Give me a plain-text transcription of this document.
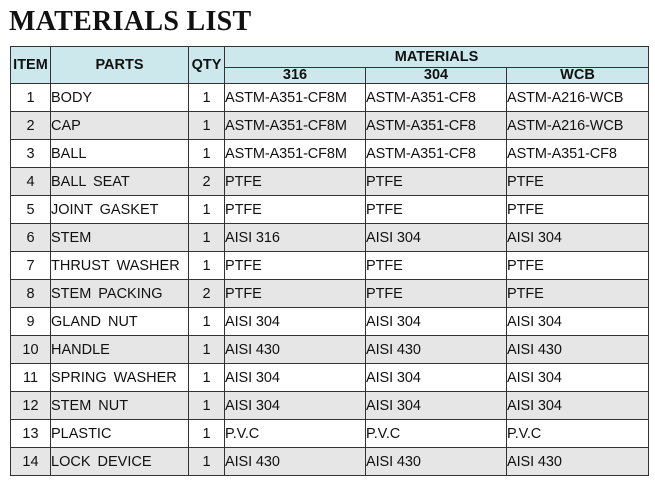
MATERIALS LIST
ITEM	PARTS	QTY	MATERIALS		
			316	304	WCB
1	BODY	1	ASTM-A351-CF8M	ASTM-A351-CF8	ASTM-A216-WCB
2	CAP	1	ASTM-A351-CF8M	ASTM-A351-CF8	ASTM-A216-WCB
3	BALL	1	ASTM-A351-CF8M	ASTM-A351-CF8	ASTM-A351-CF8
4	BALL SEAT	2	PTFE	PTFE	PTFE
5	JOINT GASKET	1	PTFE	PTFE	PTFE
6	STEM	1	AISI 316	AISI 304	AISI 304
7	THRUST WASHER	1	PTFE	PTFE	PTFE
8	STEM PACKING	2	PTFE	PTFE	PTFE
9	GLAND NUT	1	AISI 304	AISI 304	AISI 304
10	HANDLE	1	AISI 430	AISI 430	AISI 430
11	SPRING WASHER	1	AISI 304	AISI 304	AISI 304
12	STEM NUT	1	AISI 304	AISI 304	AISI 304
13	PLASTIC	1	P.V.C	P.V.C	P.V.C
14	LOCK DEVICE	1	AISI 430	AISI 430	AISI 430
